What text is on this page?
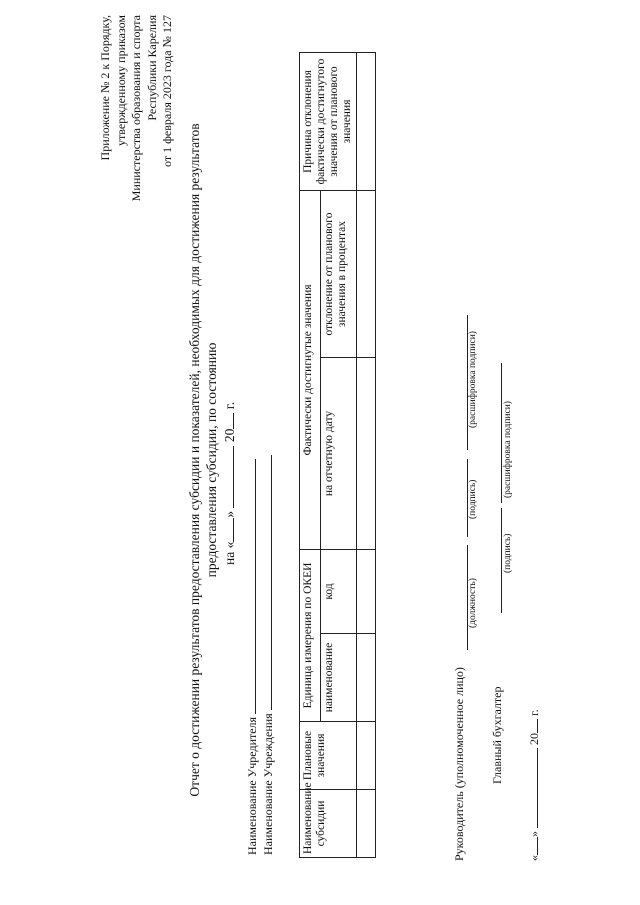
Приложение № 2 к Порядку, утвержденному приказом Министерства образования и спорта Республики Карелия от 1 февраля 2023 года № 127
Отчет о достижении результатов предоставления субсидии и показателей, необходимых для достижения результатов предоставления субсидии, по состоянию на «»  20 г.
Наименование Учредителя Наименование Учреждения Наименование субсидии	Плановые значения	Единица измерения по ОКЕИ		Фактически достигнутые значения		Причина отклонения фактически достигнутого значения от планового значения
		наименование	код	на отчетную дату	отклонение от планового значения в процентах	

Руководитель (уполномоченное лицо)
(должность)
(подпись)
(расшифровка подписи)
Главный бухгалтер
(подпись)
(расшифровка подписи)
«»  20 г.
